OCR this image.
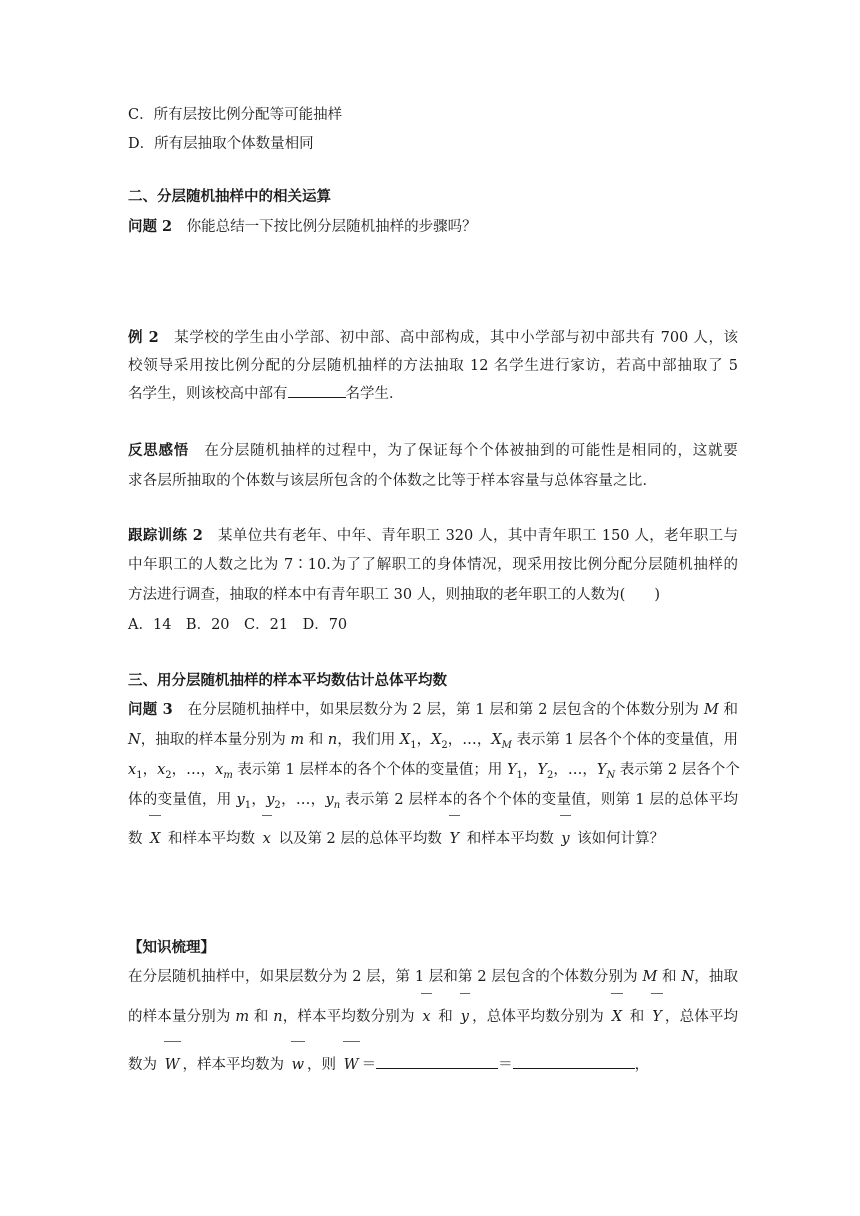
C．所有层按比例分配等可能抽样
D．所有层抽取个体数量相同
二、分层随机抽样中的相关运算
问题 2　 你能总结一下按比例分层随机抽样的步骤吗？
例 2　 某学校的学生由小学部、初中部、高中部构成，其中小学部与初中部共有 700 人，该
校领导采用按比例分配的分层随机抽样的方法抽取 12 名学生进行家访，若高中部抽取了 5
名学生，则该校高中部有	名学生．
反思感悟　 在分层随机抽样的过程中，为了保证每个个体被抽到的可能性是相同的，这就要
求各层所抽取的个体数与该层所包含的个体数之比等于样本容量与总体容量之比．
跟踪训练 2　 某单位共有老年、中年、青年职工 320 人，其中青年职工 150 人，老年职工与
中年职工的人数之比为 7∶10.为了了解职工的身体情况，现采用按比例分配分层随机抽样的
方法进行调查，抽取的样本中有青年职工 30 人，则抽取的老年职工的人数为(　　)
A．14　B．20　C．21　D．70
三、用分层随机抽样的样本平均数估计总体平均数
问题 3　 在分层随机抽样中，如果层数分为 2 层，第 1 层和第 2 层包含的个体数分别为 M 和
N，抽取的样本量分别为 m 和 n，我们用 $X_1$，$X_2$，…，$X_M$ 表示第 1 层各个个体的变量值，用
$x_1$，$x_2$，…，$x_m$ 表示第 1 层样本的各个个体的变量值；用 $Y_1$，$Y_2$，…，$Y_N$ 表示第 2 层各个个
体的变量值，用 $y_1$，$y_2$，…，$y_n$ 表示第 2 层样本的各个个体的变量值，则第 1 层的总体平均
数 X 和样本平均数 x 以及第 2 层的总体平均数 Y 和样本平均数 y 该如何计算？
【知识梳理】
在分层随机抽样中，如果层数分为 2 层，第 1 层和第 2 层包含的个体数分别为 M 和 N，抽取
的样本量分别为 m 和 n，样本平均数分别为 x 和 y ，总体平均数分别为 X 和 Y ，总体平均
数为 W ，样本平均数为 w ，则 W ＝	＝	，
